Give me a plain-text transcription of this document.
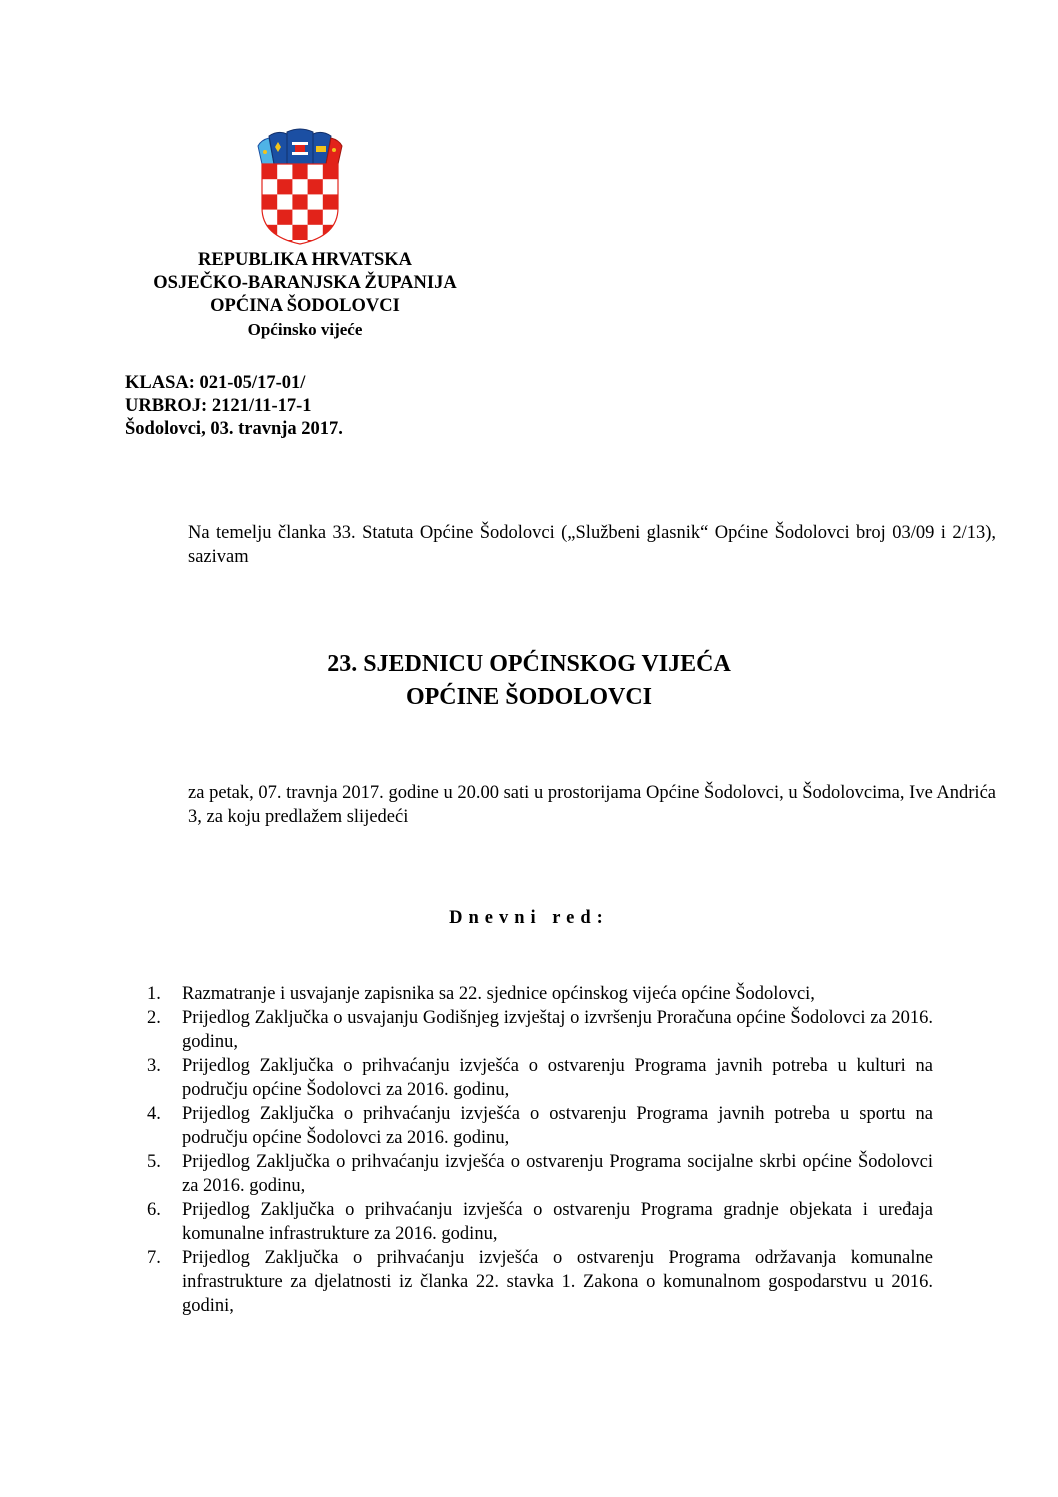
REPUBLIKA HRVATSKA
OSJEČKO-BARANJSKA ŽUPANIJA
OPĆINA ŠODOLOVCI
Općinsko vijeće
KLASA: 021-05/17-01/
URBROJ: 2121/11-17-1
Šodolovci, 03. travnja 2017.
Na temelju članka 33. Statuta Općine Šodolovci („Službeni glasnik“ Općine Šodolovci broj 03/09 i 2/13), sazivam
23. SJEDNICU OPĆINSKOG VIJEĆA
OPĆINE ŠODOLOVCI
za petak, 07. travnja 2017. godine u 20.00 sati u prostorijama Općine Šodolovci, u Šodolovcima, Ive Andrića 3, za koju predlažem slijedeći
Dnevni red:
1. Razmatranje i usvajanje zapisnika sa 22. sjednice općinskog vijeća općine Šodolovci,
2. Prijedlog Zaključka o usvajanju Godišnjeg izvještaj o izvršenju Proračuna općine Šodolovci za 2016. godinu,
3. Prijedlog Zaključka o prihvaćanju izvješća o ostvarenju Programa javnih potreba u kulturi na području općine Šodolovci za 2016. godinu,
4. Prijedlog Zaključka o prihvaćanju izvješća o ostvarenju Programa javnih potreba u sportu na području općine Šodolovci za 2016. godinu,
5. Prijedlog Zaključka o prihvaćanju izvješća o ostvarenju Programa socijalne skrbi općine Šodolovci za 2016. godinu,
6. Prijedlog Zaključka o prihvaćanju izvješća o ostvarenju Programa gradnje objekata i uređaja komunalne infrastrukture za 2016. godinu,
7. Prijedlog Zaključka o prihvaćanju izvješća o ostvarenju Programa održavanja komunalne infrastrukture za djelatnosti iz članka 22. stavka 1. Zakona o komunalnom gospodarstvu u 2016. godini,
